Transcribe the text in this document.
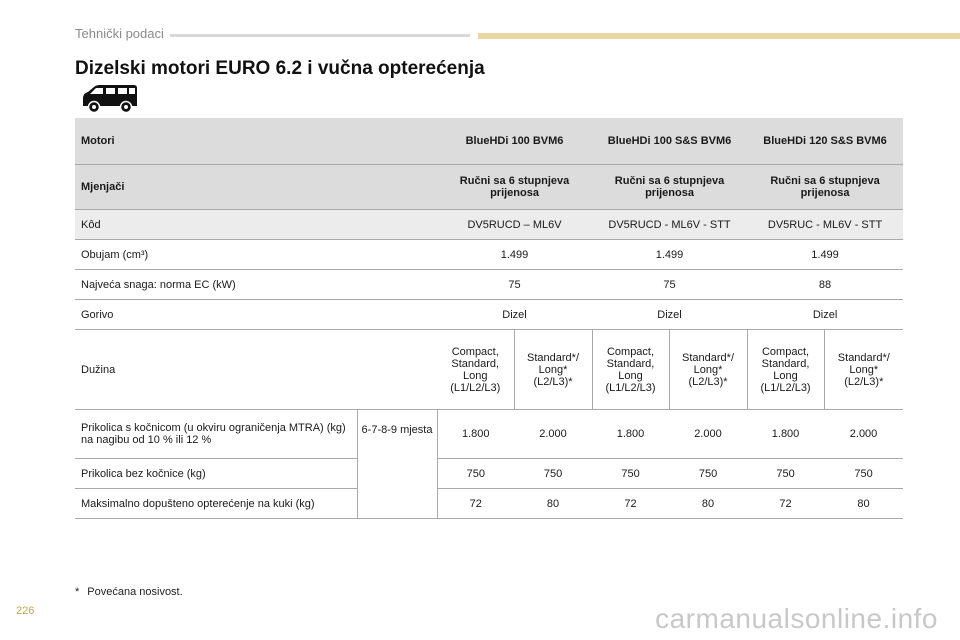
Tehnički podaci
Dizelski motori EURO 6.2 i vučna opterećenja
Motori		BlueHDi 100 BVM6		BlueHDi 100 S&S BVM6		BlueHDi 120 S&S BVM6	
Mjenjači		Ručni sa 6 stupnjeva prijenosa		Ručni sa 6 stupnjeva prijenosa		Ručni sa 6 stupnjeva prijenosa	
Kôd		DV5RUCD – ML6V		DV5RUCD - ML6V - STT		DV5RUC - ML6V - STT	
Obujam (cm³)		1.499		1.499		1.499	
Najveća snaga: norma EC (kW)		75		75		88	
Gorivo		Dizel		Dizel		Dizel	
Dužina		Compact, Standard, Long (L1/L2/L3)	Standard*/ Long* (L2/L3)*	Compact, Standard, Long (L1/L2/L3)	Standard*/ Long* (L2/L3)*	Compact, Standard, Long (L1/L2/L3)	Standard*/ Long* (L2/L3)*
Prikolica s kočnicom (u okviru ograničenja MTRA) (kg) na nagibu od 10 % ili 12 %	6-7-8-9 mjesta	1.800	2.000	1.800	2.000	1.800	2.000
Prikolica bez kočnice (kg)		750	750	750	750	750	750
Maksimalno dopušteno opterećenje na kuki (kg)		72	80	72	80	72	80
* Povećana nosivost.
226	carmanualsonline.info
